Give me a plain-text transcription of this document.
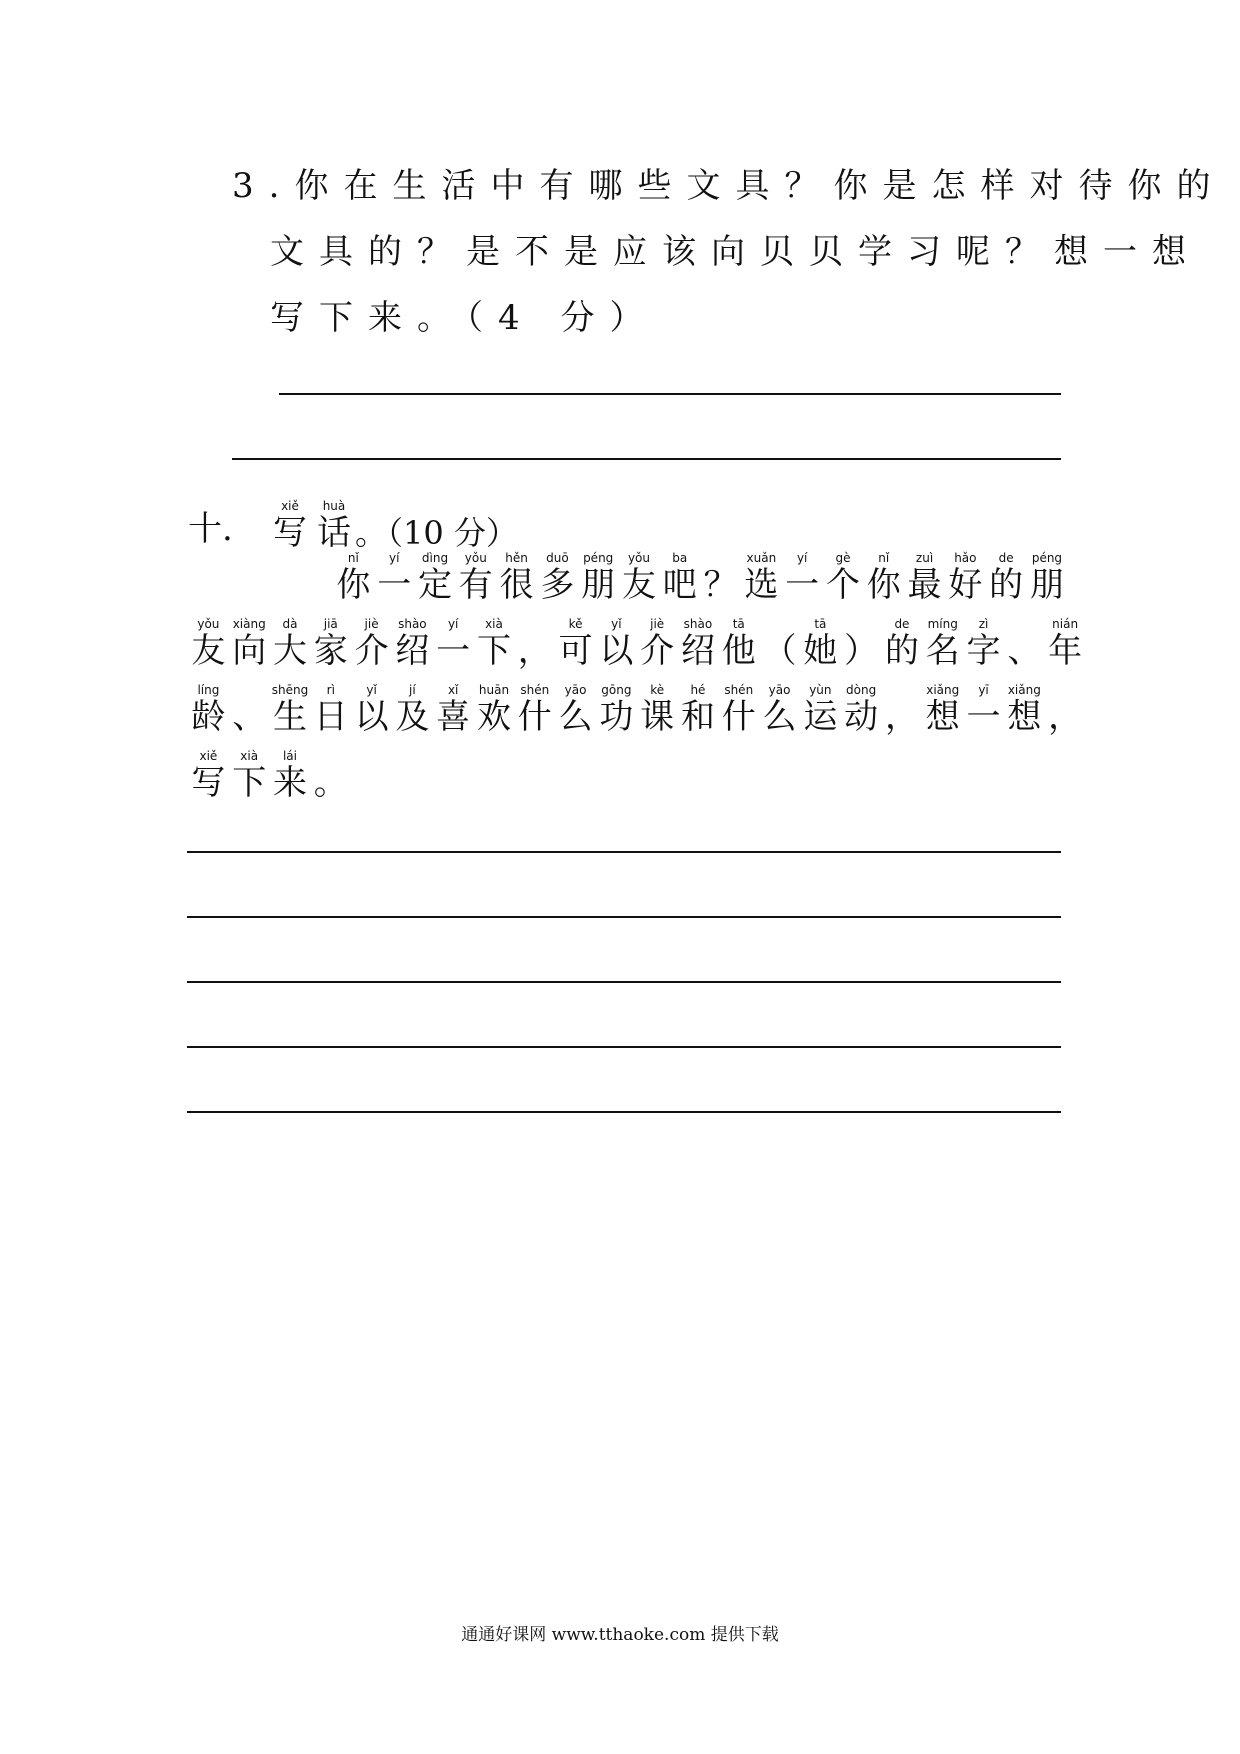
3.你在生活中有哪些文具？你是怎样对待你的
文具的？是不是应该向贝贝学习呢？想一想
写下来。（4 分）
十.
xiě
写
huà
话 。（10 分）
nǐ
你
yí
一
dìng
定
yǒu
有
hěn
很
duō
多
péng
朋
yǒu
友
ba
吧 ？
xuǎn
选
yí
一
gè
个
nǐ
你
zuì
最
hǎo
好
de
的
péng
朋
yǒu
友
xiàng
向
dà
大
jiā
家
jiè
介
shào
绍
yí
一
xià
下 ，
kě
可
yǐ
以
jiè
介
shào
绍
tā
他 （
tā
她 ）
de
的
míng
名
zì
字 、
nián
年
líng
龄 、
shēng
生
rì
日
yǐ
以
jí
及
xǐ
喜
huān
欢
shén
什
yāo
么
gōng
功
kè
课
hé
和
shén
什
yāo
么
yùn
运
dòng
动 ，
xiǎng
想
yī
一
xiǎng
想 ，
xiě
写
xià
下
lái
来 。
通通好课网 www.tthaoke.com 提供下载
